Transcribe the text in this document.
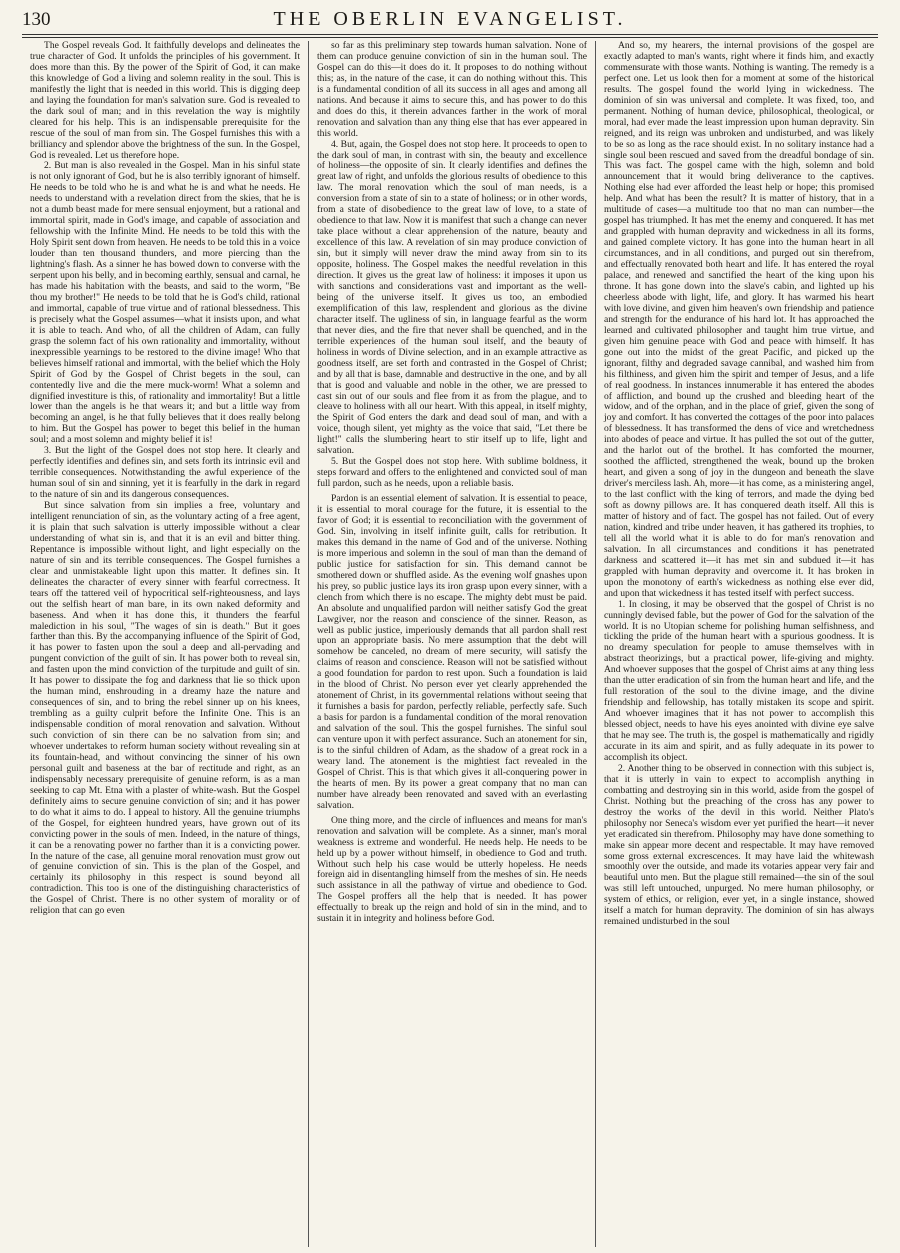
130	THE OBERLIN EVANGELIST.

The Gospel reveals God. It faithfully develops and delineates the true character of God. It unfolds the principles of his government. It does more than this. By the power of the Spirit of God, it can make this knowledge of God a living and solemn reality in the soul. This is manifestly the light that is needed in this world. This is digging deep and laying the foundation for man's salvation sure. God is revealed to the dark soul of man; and in this revelation the way is mightily cleared for his help. This is an indispensable prerequisite for the rescue of the soul of man from sin. The Gospel furnishes this with a brilliancy and splendor above the brightness of the sun. In the Gospel, God is revealed. Let us therefore hope.

2. But man is also revealed in the Gospel. Man in his sinful state is not only ignorant of God, but he is also terribly ignorant of himself. He needs to be told who he is and what he is and what he needs. He needs to understand with a revelation direct from the skies, that he is not a dumb beast made for mere sensual enjoyment, but a rational and immortal spirit, made in God's image, and capable of association and fellowship with the Infinite Mind. He needs to be told this with the Holy Spirit sent down from heaven. He needs to be told this in a voice louder than ten thousand thunders, and more piercing than the lightning's flash. As a sinner he has bowed down to converse with the serpent upon his belly, and in becoming earthly, sensual and carnal, he has made his habitation with the beasts, and said to the worm, "Be thou my brother!" He needs to be told that he is God's child, rational and immortal, capable of true virtue and of rational blessedness. This is precisely what the Gospel assumes—what it insists upon, and what it is able to teach. And who, of all the children of Adam, can fully grasp the solemn fact of his own rationality and immortality, without inexpressible yearnings to be restored to the divine image! Who that believes himself rational and immortal, with the belief which the Holy Spirit of God by the Gospel of Christ begets in the soul, can contentedly live and die the mere muck-worm! What a solemn and dignified investiture is this, of rationality and immortality! But a little lower than the angels is he that wears it; and but a little way from becoming an angel, is he that fully believes that it does really belong to him. But the Gospel has power to beget this belief in the human soul; and a most solemn and mighty belief it is!

3. But the light of the Gospel does not stop here. It clearly and perfectly identifies and defines sin, and sets forth its intrinsic evil and terrible consequences. Notwithstanding the awful experience of the human soul of sin and sinning, yet it is fearfully in the dark in regard to the nature of sin and its dangerous consequences.

But since salvation from sin implies a free, voluntary and intelligent renunciation of sin, as the voluntary acting of a free agent, it is plain that such salvation is utterly impossible without a clear understanding of what sin is, and that it is an evil and bitter thing. Repentance is impossible without light, and light especially on the nature of sin and its terrible consequences. The Gospel furnishes a clear and unmistakeable light upon this matter. It defines sin. It delineates the character of every sinner with fearful correctness. It tears off the tattered veil of hypocritical self-righteousness, and lays out the selfish heart of man bare, in its own naked deformity and baseness. And when it has done this, it thunders the fearful malediction in his soul, "The wages of sin is death." But it goes farther than this. By the accompanying influence of the Spirit of God, it has power to fasten upon the soul a deep and all-pervading and pungent conviction of the guilt of sin. It has power both to reveal sin, and fasten upon the mind conviction of the turpitude and guilt of sin. It has power to dissipate the fog and darkness that lie so thick upon the human mind, enshrouding in a dreamy haze the nature and consequences of sin, and to bring the rebel sinner up on his knees, trembling as a guilty culprit before the Infinite One. This is an indispensable condition of moral renovation and salvation. Without such conviction of sin there can be no salvation from sin; and whoever undertakes to reform human society without revealing sin at its fountain-head, and without convincing the sinner of his own personal guilt and baseness at the bar of rectitude and right, as an indispensably necessary prerequisite of genuine reform, is as a man seeking to cap Mt. Etna with a plaster of white-wash. But the Gospel definitely aims to secure genuine conviction of sin; and it has power to do what it aims to do. I appeal to history. All the genuine triumphs of the Gospel, for eighteen hundred years, have grown out of its convicting power in the souls of men. Indeed, in the nature of things, it can be a renovating power no farther than it is a convicting power. In the nature of the case, all genuine moral renovation must grow out of genuine conviction of sin. This is the plan of the Gospel, and certainly its philosophy in this respect is sound beyond all contradiction. This too is one of the distinguishing characteristics of the Gospel of Christ. There is no other system of morality or of religion that can go even

so far as this preliminary step towards human salvation. None of them can produce genuine conviction of sin in the human soul. The Gospel can do this—it does do it. It proposes to do nothing without this; as, in the nature of the case, it can do nothing without this. This is a fundamental condition of all its success in all ages and among all nations. And because it aims to secure this, and has power to do this and does do this, it therein advances farther in the work of moral renovation and salvation than any thing else that has ever appeared in this world.

4. But, again, the Gospel does not stop here. It proceeds to open to the dark soul of man, in contrast with sin, the beauty and excellence of holiness—the opposite of sin. It clearly identifies and defines the great law of right, and unfolds the glorious results of obedience to this law. The moral renovation which the soul of man needs, is a conversion from a state of sin to a state of holiness; or in other words, from a state of disobedience to the great law of love, to a state of obedience to that law. Now it is manifest that such a change can never take place without a clear apprehension of the nature, beauty and excellence of this law. A revelation of sin may produce conviction of sin, but it simply will never draw the mind away from sin to its opposite, holiness. The Gospel makes the needful revelation in this direction. It gives us the great law of holiness: it imposes it upon us with sanctions and considerations vast and important as the well-being of the universe itself. It gives us too, an embodied exemplification of this law, resplendent and glorious as the divine character itself. The ugliness of sin, in language fearful as the worm that never dies, and the fire that never shall be quenched, and in the terrible experiences of the human soul itself, and the beauty of holiness in words of Divine selection, and in an example attractive as goodness itself, are set forth and contrasted in the Gospel of Christ; and by all that is base, damnable and destructive in the one, and by all that is good and valuable and noble in the other, we are pressed to cast sin out of our souls and flee from it as from the plague, and to cleave to holiness with all our heart. With this appeal, in itself mighty, the Spirit of God enters the dark and dead soul of man, and with a voice, though silent, yet mighty as the voice that said, "Let there be light!" calls the slumbering heart to stir itself up to life, light and salvation.

5. But the Gospel does not stop here. With sublime boldness, it steps forward and offers to the enlightened and convicted soul of man full pardon, such as he needs, upon a reliable basis.

Pardon is an essential element of salvation. It is essential to peace, it is essential to moral courage for the future, it is essential to the favor of God; it is essential to reconciliation with the government of God. Sin, involving in itself infinite guilt, calls for retribution. It makes this demand in the name of God and of the universe. Nothing is more imperious and solemn in the soul of man than the demand of public justice for satisfaction for sin. This demand cannot be smothered down or shuffled aside. As the evening wolf gnashes upon his prey, so public justice lays its iron grasp upon every sinner, with a clench from which there is no escape. The mighty debt must be paid. An absolute and unqualified pardon will neither satisfy God the great Lawgiver, nor the reason and conscience of the sinner. Reason, as well as public justice, imperiously demands that all pardon shall rest upon an appropriate basis. No mere assumption that the debt will somehow be canceled, no dream of mere security, will satisfy the claims of reason and conscience. Reason will not be satisfied without a good foundation for pardon to rest upon. Such a foundation is laid in the blood of Christ. No person ever yet clearly apprehended the atonement of Christ, in its governmental relations without seeing that it furnishes a basis for pardon, perfectly reliable, perfectly safe. Such a basis for pardon is a fundamental condition of the moral renovation and salvation of the soul. This the gospel furnishes. The sinful soul can venture upon it with perfect assurance. Such an atonement for sin, is to the sinful children of Adam, as the shadow of a great rock in a weary land. The atonement is the mightiest fact revealed in the Gospel of Christ. This is that which gives it all-conquering power in the hearts of men. By its power a great company that no man can number have already been renovated and saved with an everlasting salvation.

One thing more, and the circle of influences and means for man's renovation and salvation will be complete. As a sinner, man's moral weakness is extreme and wonderful. He needs help. He needs to be held up by a power without himself, in obedience to God and truth. Without such help his case would be utterly hopeless. He needs foreign aid in disentangling himself from the meshes of sin. He needs such assistance in all the pathway of virtue and obedience to God. The Gospel proffers all the help that is needed. It has power effectually to break up the reign and hold of sin in the mind, and to sustain it in integrity and holiness before God.

And so, my hearers, the internal provisions of the gospel are exactly adapted to man's wants, right where it finds him, and exactly commensurate with those wants. Nothing is wanting. The remedy is a perfect one. Let us look then for a moment at some of the historical results. The gospel found the world lying in wickedness. The dominion of sin was universal and complete. It was fixed, too, and permanent. Nothing of human device, philosophical, theological, or moral, had ever made the least impression upon human depravity. Sin reigned, and its reign was unbroken and undisturbed, and was likely to be so as long as the race should exist. In no solitary instance had a single soul been rescued and saved from the dreadful bondage of sin. This was fact. The gospel came with the high, solemn and bold announcement that it would bring deliverance to the captives. Nothing else had ever afforded the least help or hope; this promised help. And what has been the result? It is matter of history, that in a multitude of cases—a multitude too that no man can number—the gospel has triumphed. It has met the enemy and conquered. It has met and grappled with human depravity and wickedness in all its forms, and gained complete victory. It has gone into the human heart in all circumstances, and in all conditions, and purged out sin therefrom, and effectually renovated both heart and life. It has entered the royal palace, and renewed and sanctified the heart of the king upon his throne. It has gone down into the slave's cabin, and lighted up his cheerless abode with light, life, and glory. It has warmed his heart with love divine, and given him heaven's own friendship and patience and strength for the endurance of his hard lot. It has approached the learned and cultivated philosopher and taught him true virtue, and given him genuine peace with God and peace with himself. It has gone out into the midst of the great Pacific, and picked up the ignorant, filthy and degraded savage cannibal, and washed him from his filthiness, and given him the spirit and temper of Jesus, and a life of real goodness. In instances innumerable it has entered the abodes of affliction, and bound up the crushed and bleeding heart of the widow, and of the orphan, and in the place of grief, given the song of joy and comfort. It has converted the cottages of the poor into palaces of blessedness. It has transformed the dens of vice and wretchedness into abodes of peace and virtue. It has pulled the sot out of the gutter, and the harlot out of the brothel. It has comforted the mourner, soothed the afflicted, strengthened the weak, bound up the broken heart, and given a song of joy in the dungeon and beneath the slave driver's merciless lash. Ah, more—it has come, as a ministering angel, to the last conflict with the king of terrors, and made the dying bed soft as downy pillows are. It has conquered death itself. All this is matter of history and of fact. The gospel has not failed. Out of every nation, kindred and tribe under heaven, it has gathered its trophies, to tell all the world what it is able to do for man's renovation and salvation. In all circumstances and conditions it has penetrated darkness and scattered it—it has met sin and subdued it—it has grappled with human depravity and overcome it. It has broken in upon the monotony of earth's wickedness as nothing else ever did, and upon that wickedness it has tested itself with perfect success.

1. In closing, it may be observed that the gospel of Christ is no cunningly devised fable, but the power of God for the salvation of the world. It is no Utopian scheme for polishing human selfishness, and tickling the pride of the human heart with a spurious goodness. It is no dreamy speculation for people to amuse themselves with in abstract theorizings, but a practical power, life-giving and mighty. And whoever supposes that the gospel of Christ aims at any thing less than the utter eradication of sin from the human heart and life, and the full restoration of the soul to the divine image, and the divine friendship and fellowship, has totally mistaken its scope and spirit. And whoever imagines that it has not power to accomplish this blessed object, needs to have his eyes anointed with divine eye salve that he may see. The truth is, the gospel is mathematically and rigidly accurate in its aim and spirit, and as fully adequate in its power to accomplish its object.

2. Another thing to be observed in connection with this subject is, that it is utterly in vain to expect to accomplish anything in combatting and destroying sin in this world, aside from the gospel of Christ. Nothing but the preaching of the cross has any power to destroy the works of the devil in this world. Neither Plato's philosophy nor Seneca's wisdom ever yet purified the heart—it never yet eradicated sin therefrom. Philosophy may have done something to make sin appear more decent and respectable. It may have removed some gross external excrescences. It may have laid the whitewash smoothly over the outside, and made its votaries appear very fair and beautiful unto men. But the plague still remained—the sin of the soul was still left untouched, unpurged. No mere human philosophy, or system of ethics, or religion, ever yet, in a single instance, showed itself a match for human depravity. The dominion of sin has always remained undisturbed in the soul
